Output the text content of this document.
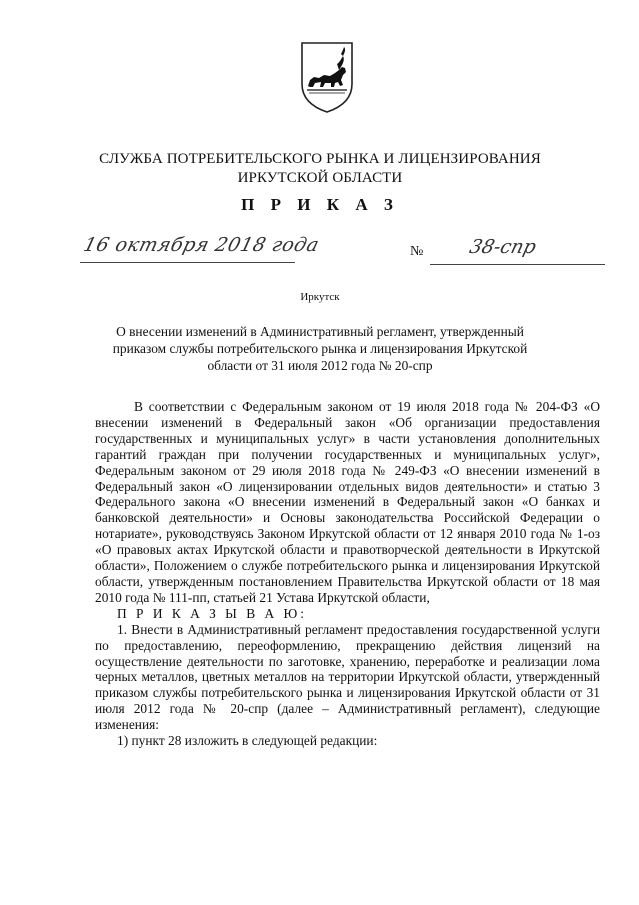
СЛУЖБА ПОТРЕБИТЕЛЬСКОГО РЫНКА И ЛИЦЕНЗИРОВАНИЯ
ИРКУТСКОЙ ОБЛАСТИ
П Р И К А З
16 октября 2018 года	№ 38-спр
Иркутск
О внесении изменений в Административный регламент, утвержденный
приказом службы потребительского рынка и лицензирования Иркутской
области от 31 июля 2012 года № 20-спр

В соответствии с Федеральным законом от 19 июля 2018 года № 204-ФЗ «О внесении изменений в Федеральный закон «Об организации предоставления государственных и муниципальных услуг» в части установления дополнительных гарантий граждан при получении государственных и муниципальных услуг», Федеральным законом от 29 июля 2018 года № 249-ФЗ «О внесении изменений в Федеральный закон «О лицензировании отдельных видов деятельности» и статью 3 Федерального закона «О внесении изменений в Федеральный закон «О банках и банковской деятельности» и Основы законодательства Российской Федерации о нотариате», руководствуясь Законом Иркутской области от 12 января 2010 года № 1-оз «О правовых актах Иркутской области и правотворческой деятельности в Иркутской области», Положением о службе потребительского рынка и лицензирования Иркутской области, утвержденным постановлением Правительства Иркутской области от 18 мая 2010 года № 111-пп, статьей 21 Устава Иркутской области,

П Р И К А З Ы В А Ю:

1. Внести в Административный регламент предоставления государственной услуги по предоставлению, переоформлению, прекращению действия лицензий на осуществление деятельности по заготовке, хранению, переработке и реализации лома черных металлов, цветных металлов на территории Иркутской области, утвержденный приказом службы потребительского рынка и лицензирования Иркутской области от 31 июля 2012 года № 20-спр (далее – Административный регламент), следующие изменения:

1) пункт 28 изложить в следующей редакции:
